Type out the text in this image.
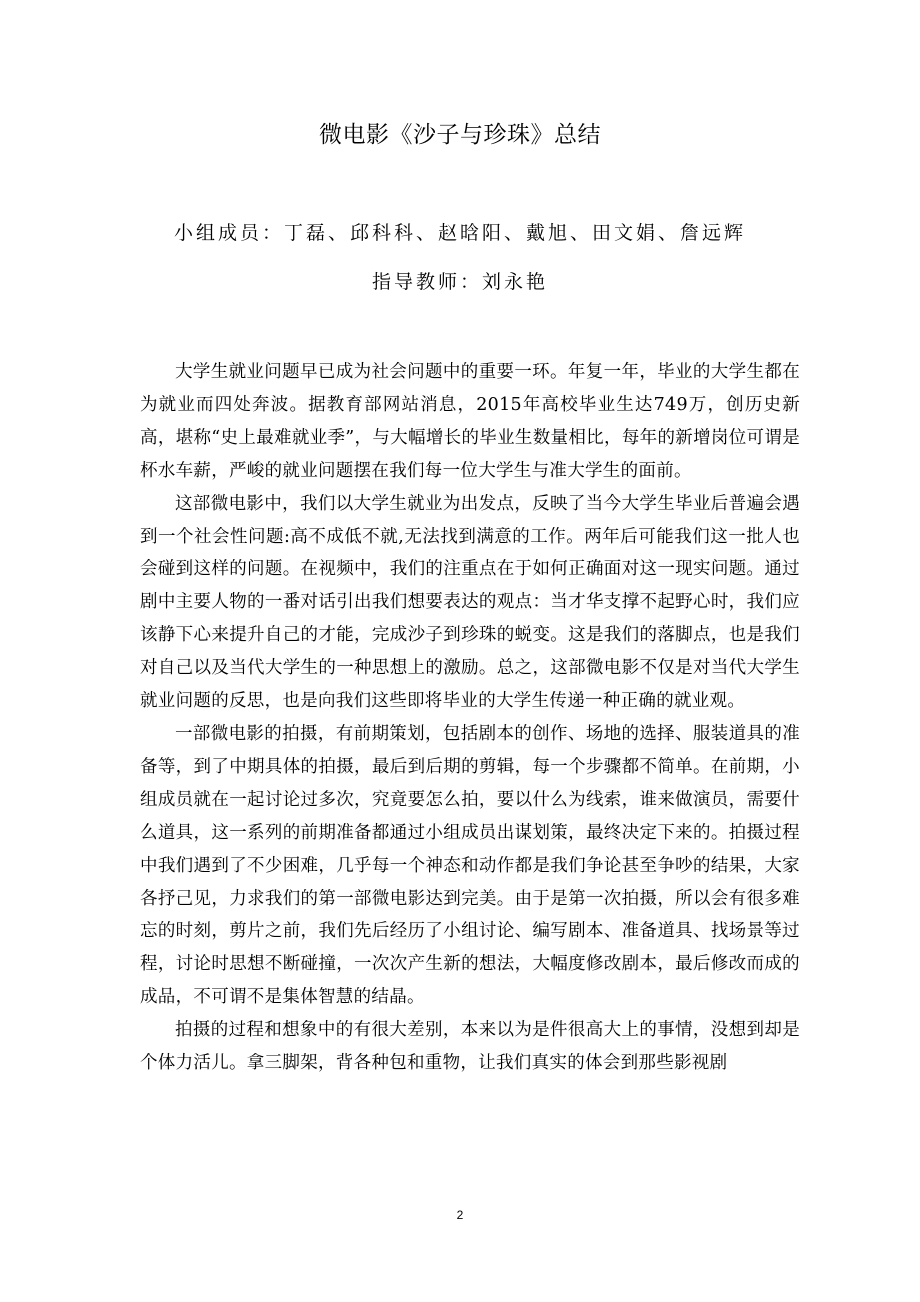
微电影《沙子与珍珠》总结
小组成员：丁磊、邱科科、赵晗阳、戴旭、田文娟、詹远辉
指导教师：刘永艳

大学生就业问题早已成为社会问题中的重要一环。年复一年，毕业的大学生都在为就业而四处奔波。据教育部网站消息，2015年高校毕业生达749万，创历史新高，堪称“史上最难就业季”，与大幅增长的毕业生数量相比，每年的新增岗位可谓是杯水车薪，严峻的就业问题摆在我们每一位大学生与准大学生的面前。

这部微电影中，我们以大学生就业为出发点，反映了当今大学生毕业后普遍会遇到一个社会性问题:高不成低不就,无法找到满意的工作。两年后可能我们这一批人也会碰到这样的问题。在视频中，我们的注重点在于如何正确面对这一现实问题。通过剧中主要人物的一番对话引出我们想要表达的观点：当才华支撑不起野心时，我们应该静下心来提升自己的才能，完成沙子到珍珠的蜕变。这是我们的落脚点，也是我们对自己以及当代大学生的一种思想上的激励。总之，这部微电影不仅是对当代大学生就业问题的反思，也是向我们这些即将毕业的大学生传递一种正确的就业观。

一部微电影的拍摄，有前期策划，包括剧本的创作、场地的选择、服装道具的准备等，到了中期具体的拍摄，最后到后期的剪辑，每一个步骤都不简单。在前期，小组成员就在一起讨论过多次，究竟要怎么拍，要以什么为线索，谁来做演员，需要什么道具，这一系列的前期准备都通过小组成员出谋划策，最终决定下来的。拍摄过程中我们遇到了不少困难，几乎每一个神态和动作都是我们争论甚至争吵的结果，大家各抒己见，力求我们的第一部微电影达到完美。由于是第一次拍摄，所以会有很多难忘的时刻，剪片之前，我们先后经历了小组讨论、编写剧本、准备道具、找场景等过程，讨论时思想不断碰撞，一次次产生新的想法，大幅度修改剧本，最后修改而成的成品，不可谓不是集体智慧的结晶。

拍摄的过程和想象中的有很大差别，本来以为是件很高大上的事情，没想到却是个体力活儿。拿三脚架，背各种包和重物，让我们真实的体会到那些影视剧

2
